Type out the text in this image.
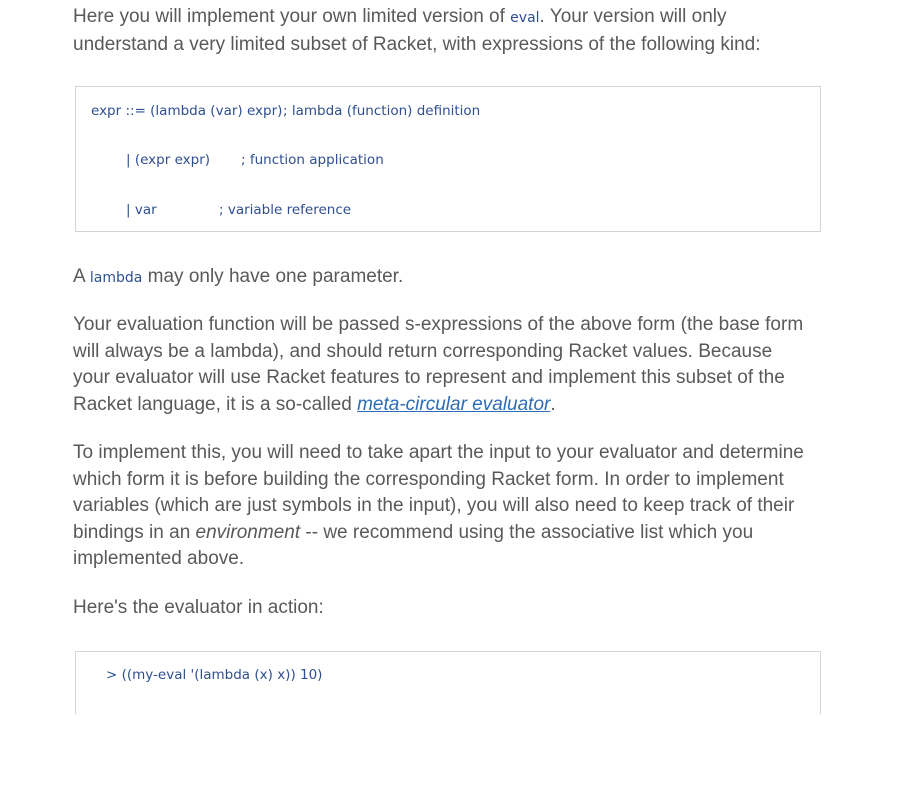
Here you will implement your own limited version of eval. Your version will only understand a very limited subset of Racket, with expressions of the following kind:

expr ::= (lambda (var) expr) ; lambda (function) definition
| (expr expr) ; function application
| var	; variable reference

A lambda may only have one parameter.

Your evaluation function will be passed s-expressions of the above form (the base form will always be a lambda), and should return corresponding Racket values. Because your evaluator will use Racket features to represent and implement this subset of the Racket language, it is a so-called meta-circular evaluator.

To implement this, you will need to take apart the input to your evaluator and determine which form it is before building the corresponding Racket form. In order to implement variables (which are just symbols in the input), you will also need to keep track of their bindings in an environment -- we recommend using the associative list which you implemented above.

Here's the evaluator in action:

> ((my-eval '(lambda (x) x)) 10)
